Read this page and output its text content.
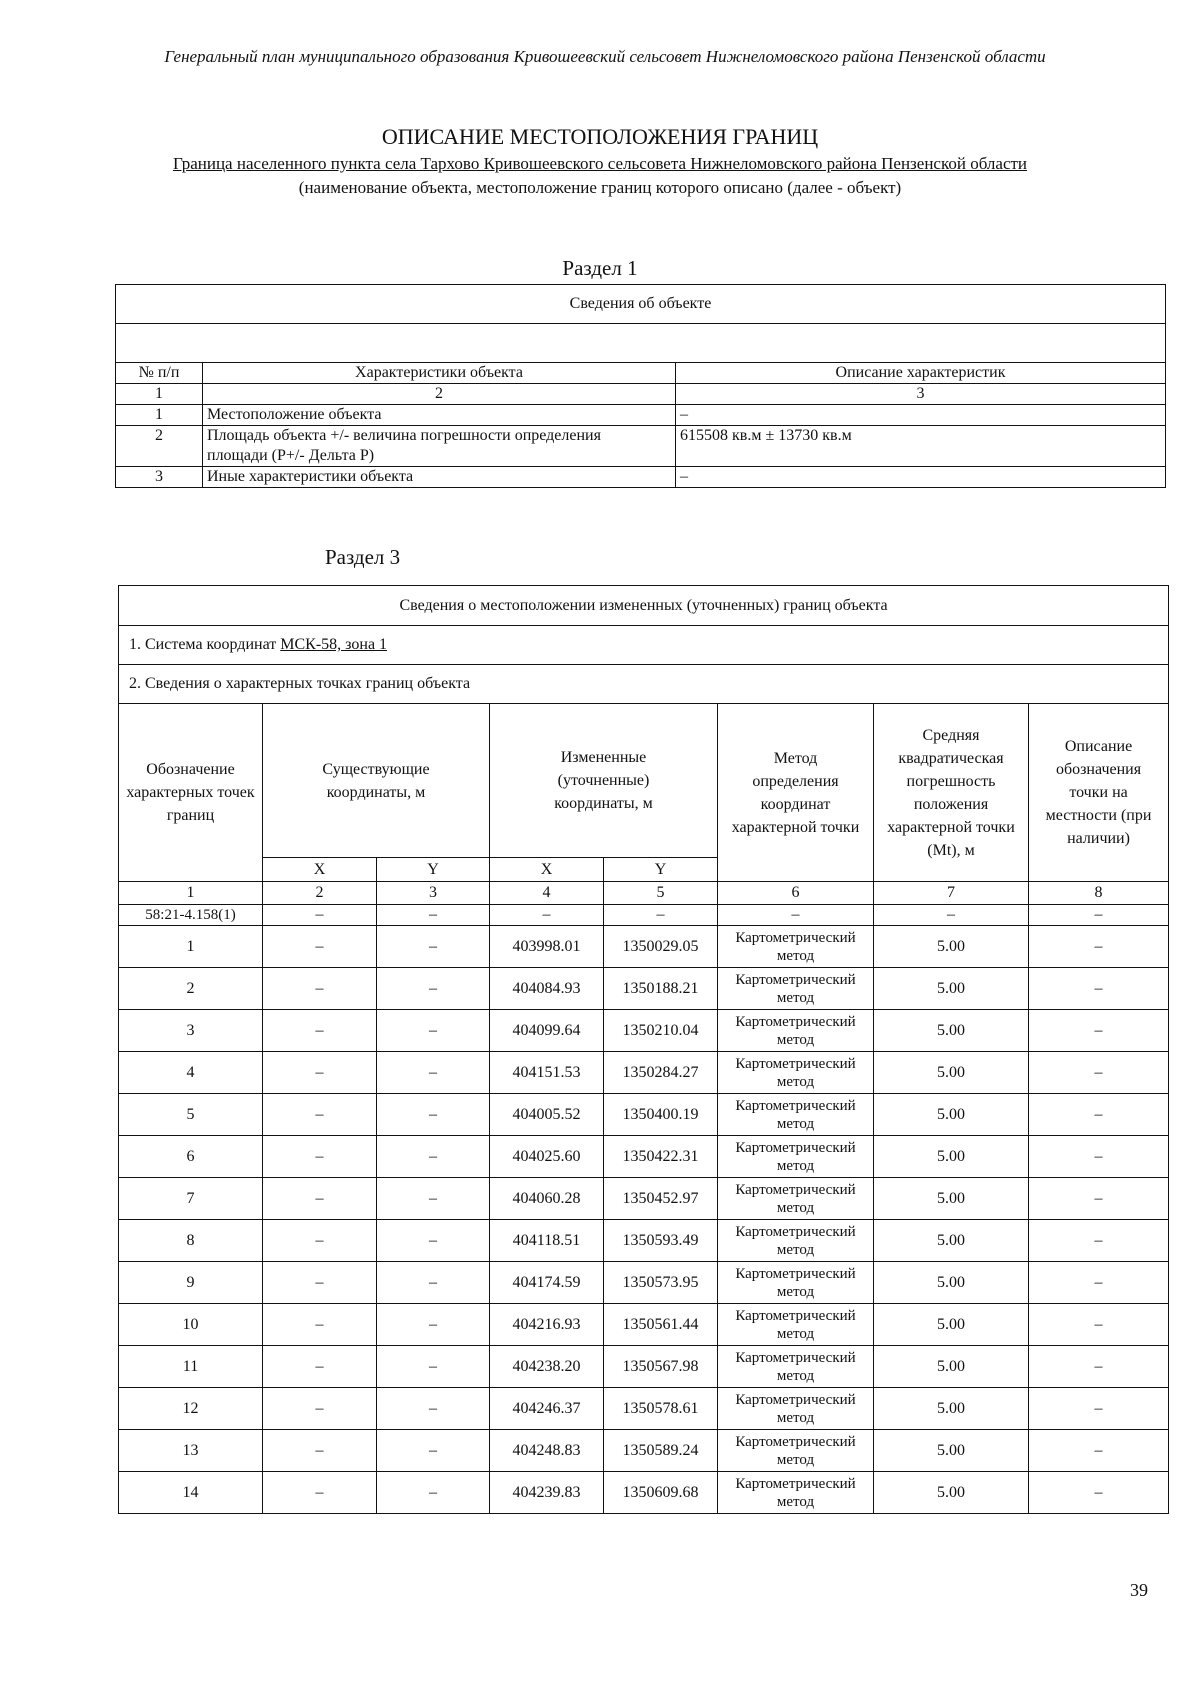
Генеральный план муниципального образования Кривошеевский сельсовет Нижнеломовского района Пензенской области
ОПИСАНИЕ МЕСТОПОЛОЖЕНИЯ ГРАНИЦ
Граница населенного пункта села Тархово Кривошеевского сельсовета Нижнеломовского района Пензенской области
(наименование объекта, местоположение границ которого описано (далее - объект)
Раздел 1
Сведения об объекте		

№ п/п	Характеристики объекта	Описание характеристик
1	2	3
1	Местоположение объекта	–
2	Площадь объекта +/- величина погрешности определения площади (P+/- Дельта P)	615508 кв.м ± 13730 кв.м
3	Иные характеристики объекта	–
Раздел 3
Сведения о местоположении измененных (уточненных) границ объекта							
1. Система координат МСК-58, зона 1							
2. Сведения о характерных точках границ объекта							
Обозначение характерных точек границ	Существующие координаты, м		Измененные (уточненные) координаты, м		Метод определения координат характерной точки	Средняя квадратическая погрешность положения характерной точки (Mt), м	Описание обозначения точки на местности (при наличии)
	X	Y	X	Y			
1	2	3	4	5	6	7	8
58:21-4.158(1)	–	–	–	–	–	–	–
1	–	–	403998.01	1350029.05	Картометрический метод	5.00	–
2	–	–	404084.93	1350188.21	Картометрический метод	5.00	–
3	–	–	404099.64	1350210.04	Картометрический метод	5.00	–
4	–	–	404151.53	1350284.27	Картометрический метод	5.00	–
5	–	–	404005.52	1350400.19	Картометрический метод	5.00	–
6	–	–	404025.60	1350422.31	Картометрический метод	5.00	–
7	–	–	404060.28	1350452.97	Картометрический метод	5.00	–
8	–	–	404118.51	1350593.49	Картометрический метод	5.00	–
9	–	–	404174.59	1350573.95	Картометрический метод	5.00	–
10	–	–	404216.93	1350561.44	Картометрический метод	5.00	–
11	–	–	404238.20	1350567.98	Картометрический метод	5.00	–
12	–	–	404246.37	1350578.61	Картометрический метод	5.00	–
13	–	–	404248.83	1350589.24	Картометрический метод	5.00	–
14	–	–	404239.83	1350609.68	Картометрический метод	5.00	–
39
